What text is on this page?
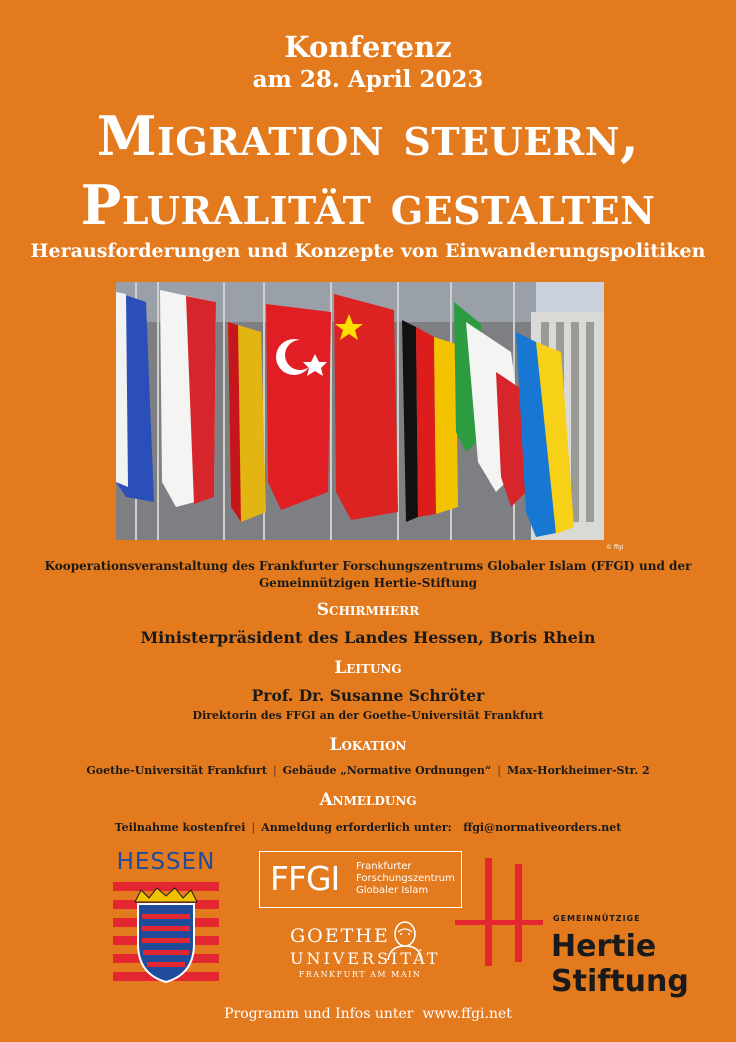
Konferenz
am 28. April 2023
Migration steuern,
Pluralität gestalten
Herausforderungen und Konzepte von Einwanderungspolitiken
© ffgi
Kooperationsveranstaltung des Frankfurter Forschungszentrums Globaler Islam (FFGI) und der Gemeinnützigen Hertie-Stiftung
Schirmherr
Ministerpräsident des Landes Hessen, Boris Rhein
Leitung
Prof. Dr. Susanne Schröter
Direktorin des FFGI an der Goethe-Universität Frankfurt
Lokation
Goethe-Universität Frankfurt | Gebäude „Normative Ordnungen“ | Max-Horkheimer-Str. 2
Anmeldung
Teilnahme kostenfrei | Anmeldung erforderlich unter: ffgi@normativeorders.net
HESSEN FFGI Frankfurter
Forschungszentrum
Globaler Islam
GOETHE
UNIVERSITÄT
FRANKFURT AM MAIN
GEMEINNÜTZIGE
Hertie
Stiftung
Programm und Infos unter www.ffgi.net
